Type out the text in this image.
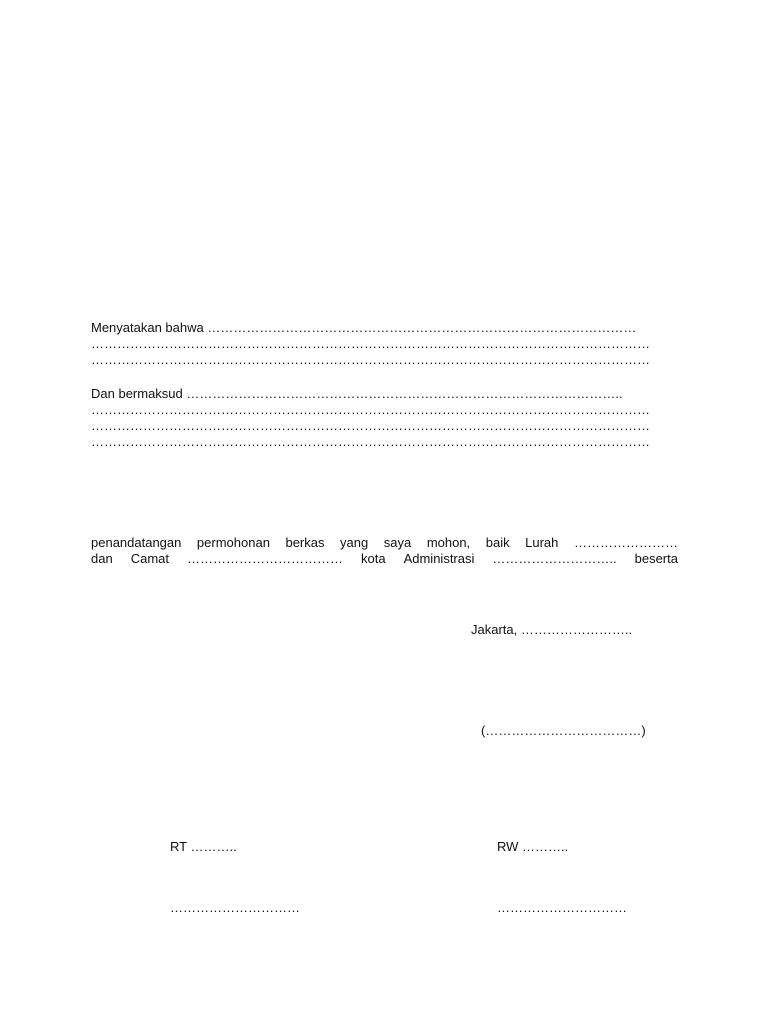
Menyatakan bahwa ………………………………………………………………………………………
…………………………………………………………………………………………………………………
…………………………………………………………………………………………………………………
Dan bermaksud ………………………………………………………………………………………..
…………………………………………………………………………………………………………………
…………………………………………………………………………………………………………………
…………………………………………………………………………………………………………………
penandatangan permohonan berkas yang saya mohon, baik Lurah ……………………
dan Camat ……………………………… kota Administrasi ……………………….. beserta
Jakarta, ……………………..
(………………………………)
RT ………..
…………………………
RW ………..
…………………………
